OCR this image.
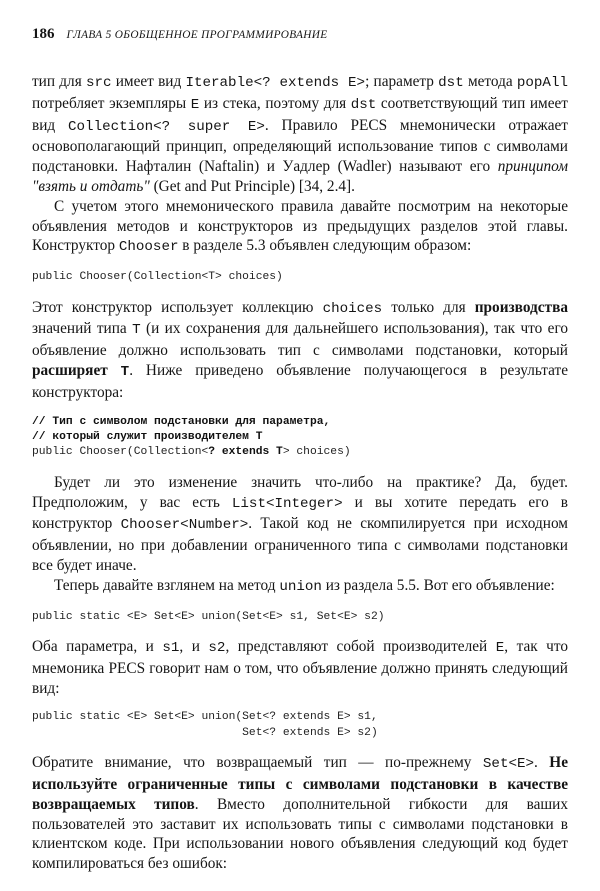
186 ГЛАВА 5 ОБОБЩЕННОЕ ПРОГРАММИРОВАНИЕ

тип для src имеет вид Iterable<? extends E>; параметр dst метода popAll потребляет экземпляры E из стека, поэтому для dst соответствующий тип имеет вид Collection<? super E>. Правило PECS мнемонически отражает основополагающий принцип, определяющий использование типов с символами подстановки. Нафталин (Naftalin) и Уадлер (Wadler) называют его принципом "взять и отдать" (Get and Put Principle) [34, 2.4].

С учетом этого мнемонического правила давайте посмотрим на некоторые объявления методов и конструкторов из предыдущих разделов этой главы. Конструктор Chooser в разделе 5.3 объявлен следующим образом:

public Chooser(Collection<T> choices)

Этот конструктор использует коллекцию choices только для производства значений типа T (и их сохранения для дальнейшего использования), так что его объявление должно использовать тип с символами подстановки, который расширяет T. Ниже приведено объявление получающегося в результате конструктора:

// Тип с символом подстановки для параметра,
// который служит производителем T
public Chooser(Collection<? extends T> choices)

Будет ли это изменение значить что-либо на практике? Да, будет. Предположим, у вас есть List<Integer> и вы хотите передать его в конструктор Chooser<Number>. Такой код не скомпилируется при исходном объявлении, но при добавлении ограниченного типа с символами подстановки все будет иначе.

Теперь давайте взглянем на метод union из раздела 5.5. Вот его объявление:

public static <E> Set<E> union(Set<E> s1, Set<E> s2)

Оба параметра, и s1, и s2, представляют собой производителей E, так что мнемоника PECS говорит нам о том, что объявление должно принять следующий вид:

public static <E> Set<E> union(Set<? extends E> s1,
Set<? extends E> s2)

Обратите внимание, что возвращаемый тип — по-прежнему Set<E>. Не используйте ограниченные типы с символами подстановки в качестве возвращаемых типов. Вместо дополнительной гибкости для ваших пользователей это заставит их использовать типы с символами подстановки в клиентском коде. При использовании нового объявления следующий код будет компилироваться без ошибок:
